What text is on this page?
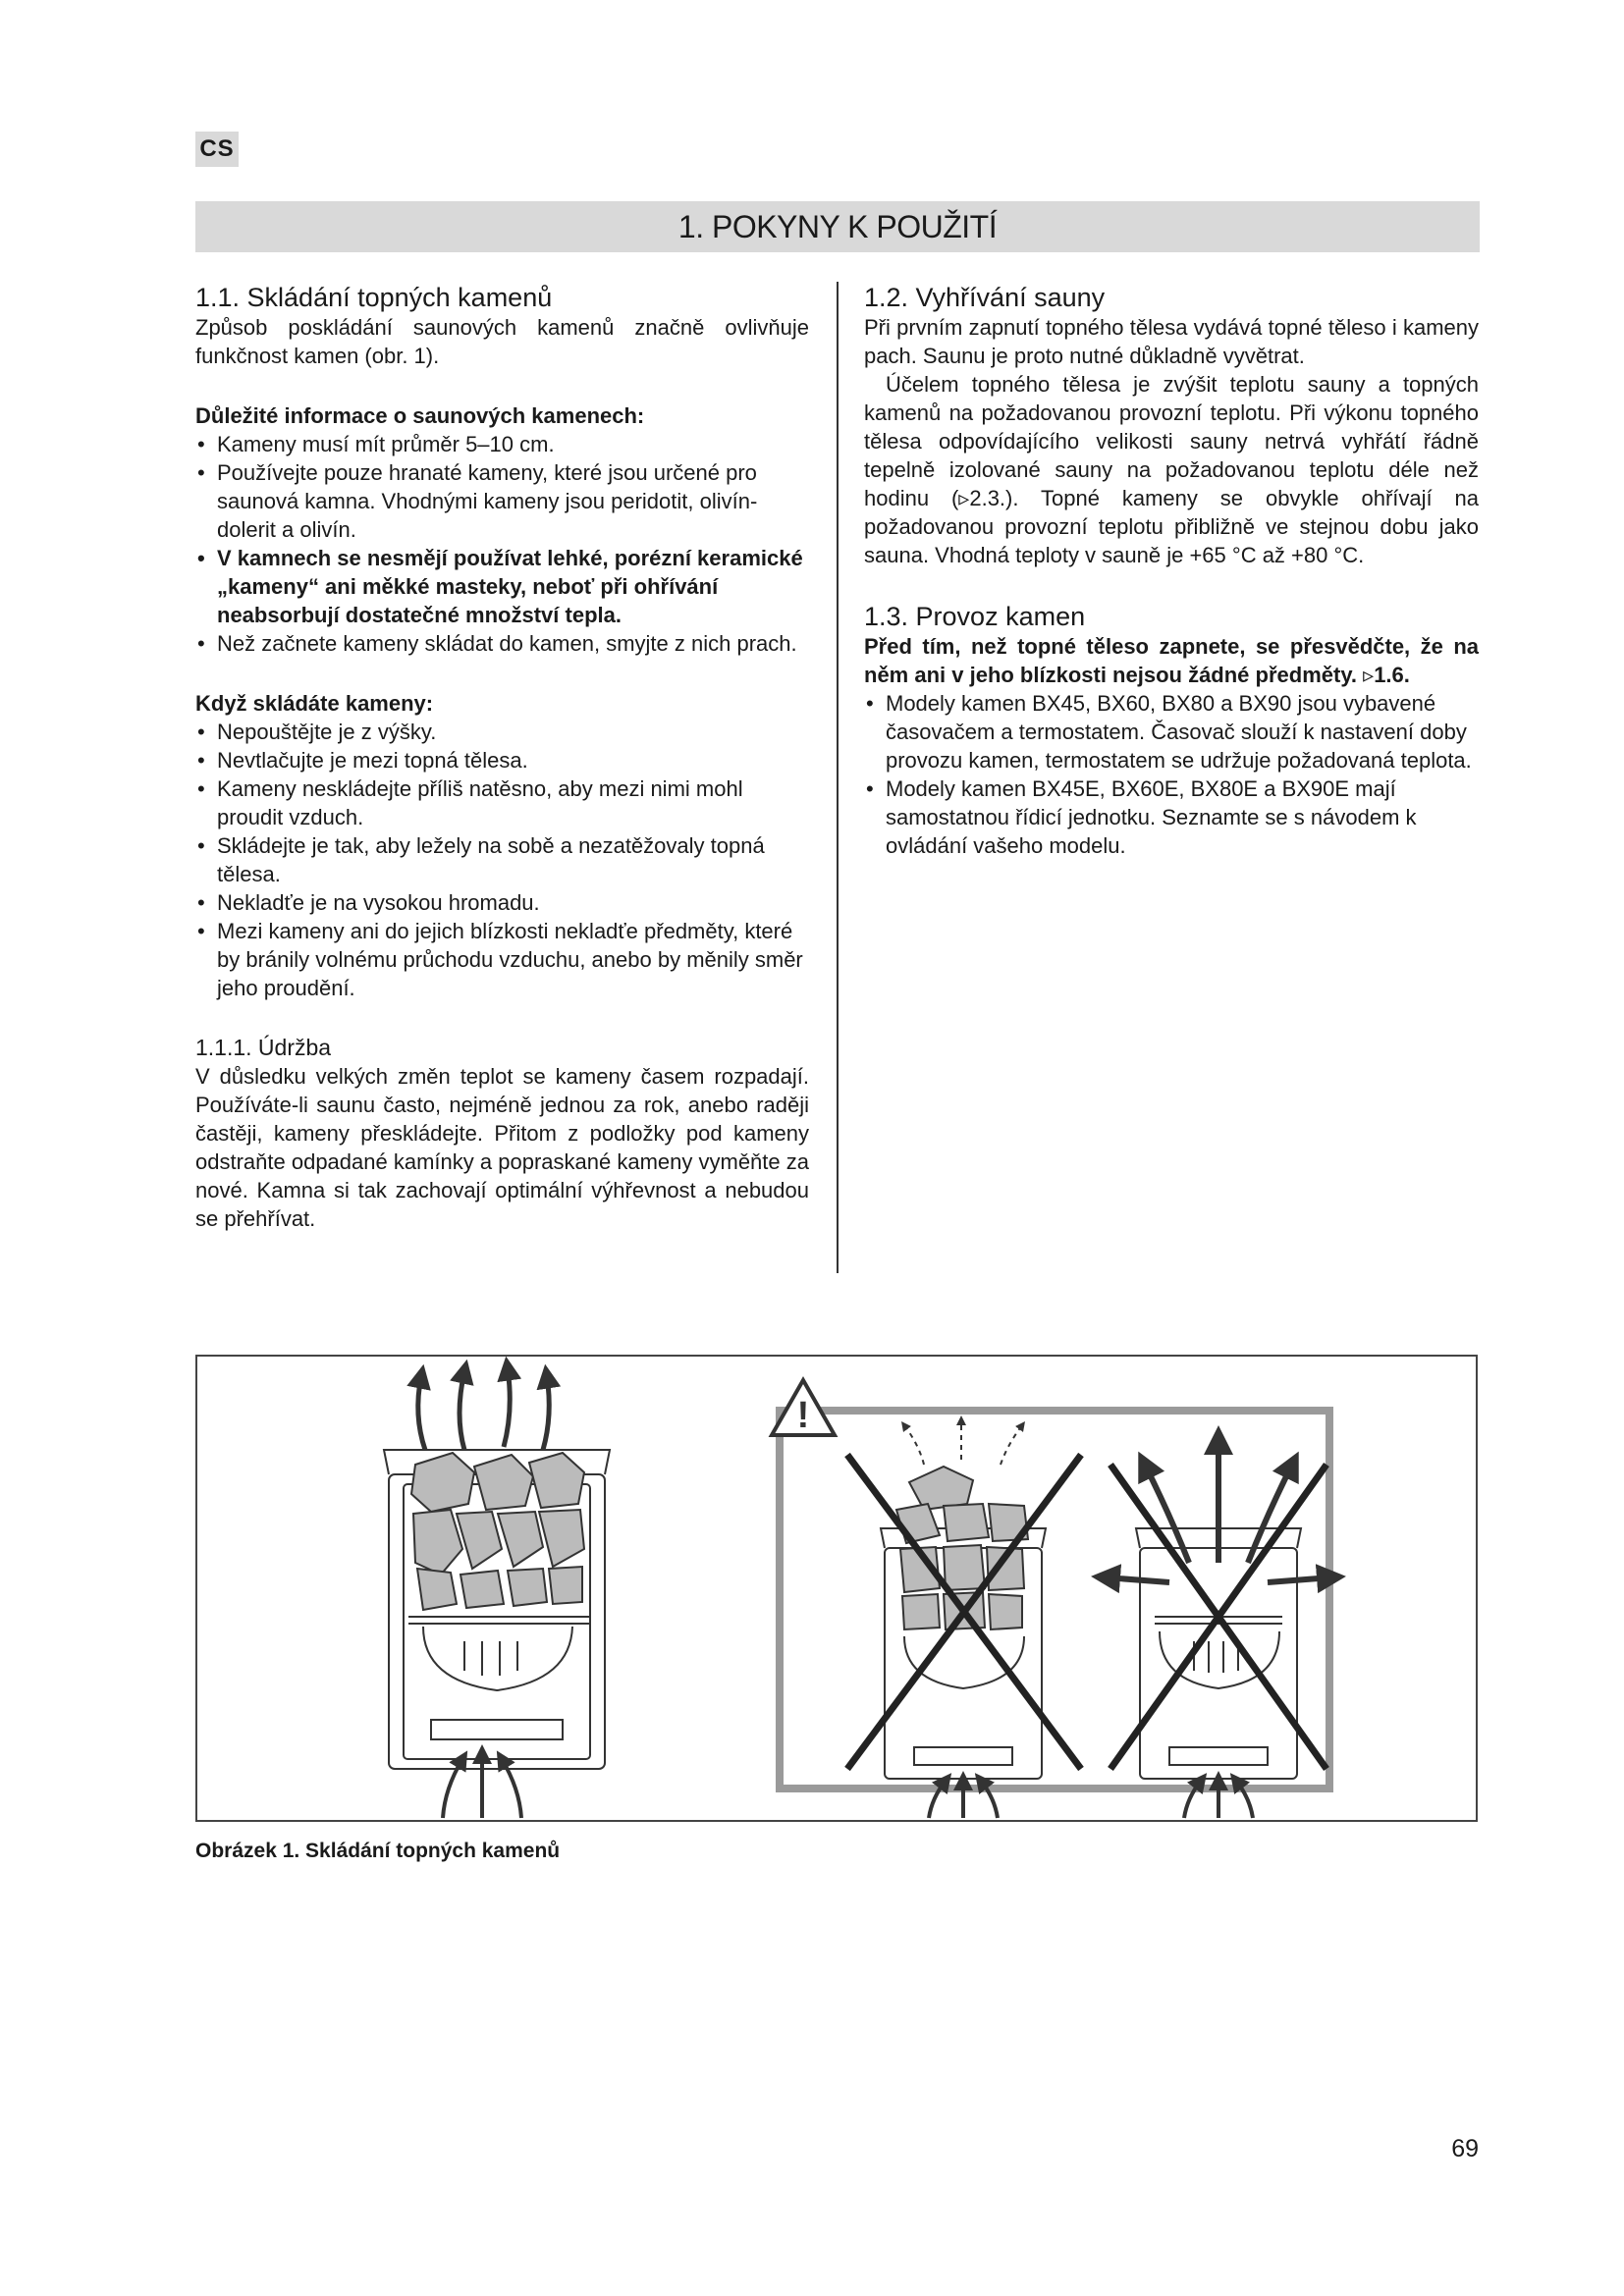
CS
1. POKYNY K POUŽITÍ
1.1. Skládání topných kamenů

Způsob poskládání saunových kamenů značně ovlivňuje funkčnost kamen (obr. 1).

Důležité informace o saunových kamenech:
• Kameny musí mít průměr 5–10 cm.
• Používejte pouze hranaté kameny, které jsou určené pro saunová kamna. Vhodnými kameny jsou peridotit, olivín-dolerit a olivín.
• V kamnech se nesmějí používat lehké, porézní keramické „kameny“ ani měkké masteky, neboť při ohřívání neabsorbují dostatečné množství tepla.
• Než začnete kameny skládat do kamen, smyjte z nich prach.
Když skládáte kameny:
• Nepouštějte je z výšky.
• Nevtlačujte je mezi topná tělesa.
• Kameny neskládejte příliš natěsno, aby mezi nimi mohl proudit vzduch.
• Skládejte je tak, aby ležely na sobě a nezatěžovaly topná tělesa.
• Nekladťe je na vysokou hromadu.
• Mezi kameny ani do jejich blízkosti nekladťe předměty, které by bránily volnému průchodu vzduchu, anebo by měnily směr jeho proudění.
1.1.1. Údržba

V důsledku velkých změn teplot se kameny časem rozpadají. Používáte-li saunu často, nejméně jednou za rok, anebo raději častěji, kameny přeskládejte. Přitom z podložky pod kameny odstraňte odpadané kamínky a popraskané kameny vyměňte za nové. Kamna si tak zachovají optimální výhřevnost a nebudou se přehřívat.

1.2. Vyhřívání sauny

Při prvním zapnutí topného tělesa vydává topné těleso i kameny pach. Saunu je proto nutné důkladně vyvětrat.

Účelem topného tělesa je zvýšit teplotu sauny a topných kamenů na požadovanou provozní teplotu. Při výkonu topného tělesa odpovídajícího velikosti sauny netrvá vyhřátí řádně tepelně izolované sauny na požadovanou teplotu déle než hodinu (▹2.3.). Topné kameny se obvykle ohřívají na požadovanou provozní teplotu přibližně ve stejnou dobu jako sauna. Vhodná teploty v sauně je +65 °C až +80 °C.

1.3. Provoz kamen

Před tím, než topné těleso zapnete, se přesvědčte, že na něm ani v jeho blízkosti nejsou žádné předměty. ▹1.6.

• Modely kamen BX45, BX60, BX80 a BX90 jsou vybavené časovačem a termostatem. Časovač slouží k nastavení doby provozu kamen, termostatem se udržuje požadovaná teplota.
• Modely kamen BX45E, BX60E, BX80E a BX90E mají samostatnou řídicí jednotku. Seznamte se s návodem k ovládání vašeho modelu.
!
Obrázek 1. Skládání topných kamenů
69
